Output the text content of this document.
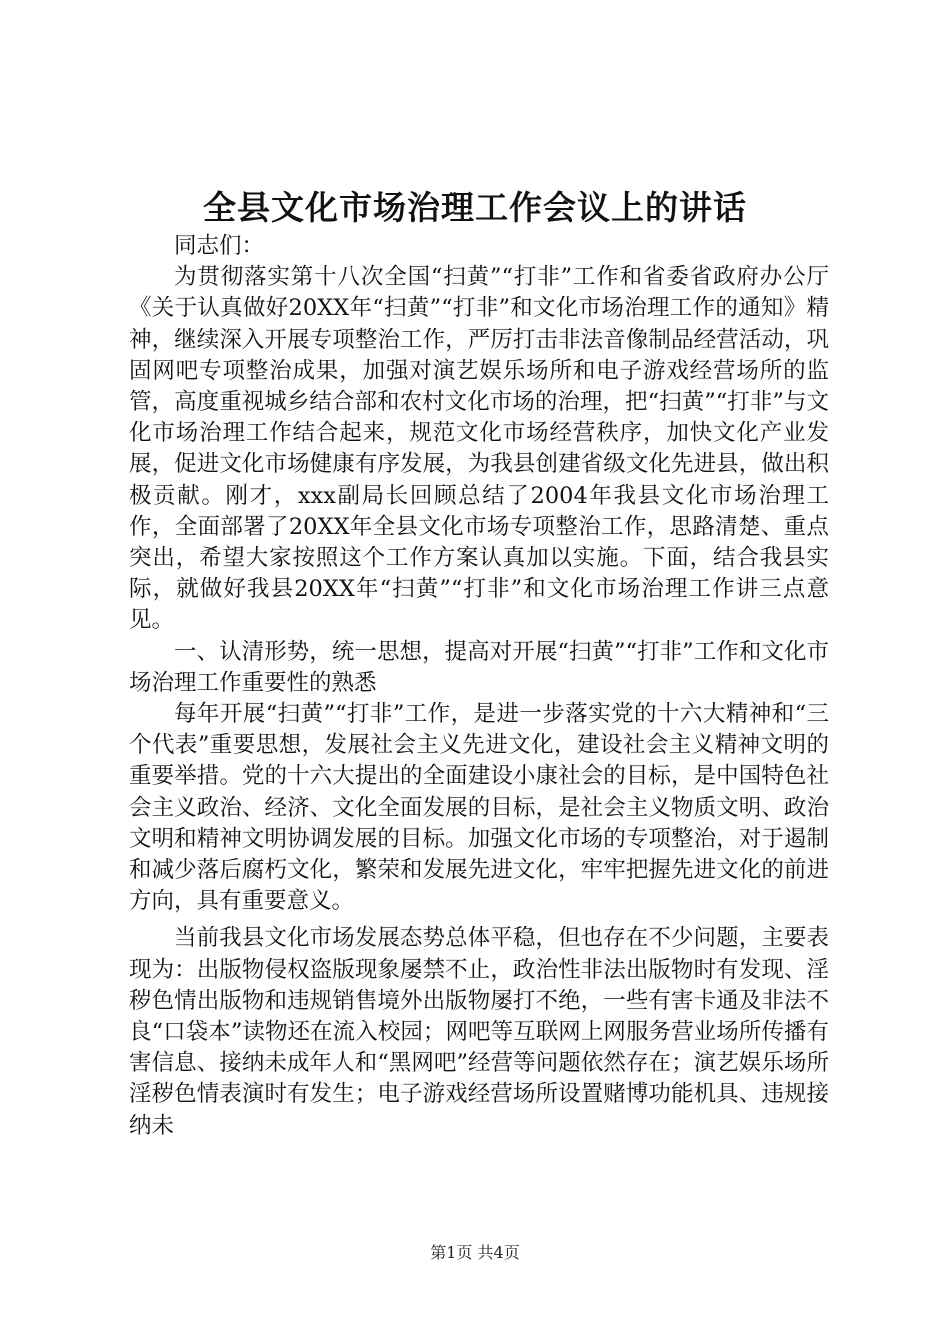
全县文化市场治理工作会议上的讲话

同志们：

为贯彻落实第十八次全国“扫黄”“打非”工作和省委省政府办公厅《关于认真做好20XX年“扫黄”“打非”和文化市场治理工作的通知》精神，继续深入开展专项整治工作，严厉打击非法音像制品经营活动，巩固网吧专项整治成果，加强对演艺娱乐场所和电子游戏经营场所的监管，高度重视城乡结合部和农村文化市场的治理，把“扫黄”“打非”与文化市场治理工作结合起来，规范文化市场经营秩序，加快文化产业发展，促进文化市场健康有序发展，为我县创建省级文化先进县，做出积极贡献。刚才，xxx副局长回顾总结了2004年我县文化市场治理工作，全面部署了20XX年全县文化市场专项整治工作，思路清楚、重点突出，希望大家按照这个工作方案认真加以实施。下面，结合我县实际，就做好我县20XX年“扫黄”“打非”和文化市场治理工作讲三点意见。

一、认清形势，统一思想，提高对开展“扫黄”“打非”工作和文化市场治理工作重要性的熟悉

每年开展“扫黄”“打非”工作，是进一步落实党的十六大精神和“三个代表”重要思想，发展社会主义先进文化，建设社会主义精神文明的重要举措。党的十六大提出的全面建设小康社会的目标，是中国特色社会主义政治、经济、文化全面发展的目标，是社会主义物质文明、政治文明和精神文明协调发展的目标。加强文化市场的专项整治，对于遏制和减少落后腐朽文化，繁荣和发展先进文化，牢牢把握先进文化的前进方向，具有重要意义。

当前我县文化市场发展态势总体平稳，但也存在不少问题，主要表现为：出版物侵权盗版现象屡禁不止，政治性非法出版物时有发现、淫秽色情出版物和违规销售境外出版物屡打不绝，一些有害卡通及非法不良“口袋本”读物还在流入校园；网吧等互联网上网服务营业场所传播有害信息、接纳未成年人和“黑网吧”经营等问题依然存在；演艺娱乐场所淫秽色情表演时有发生；电子游戏经营场所设置赌博功能机具、违规接纳未

第1页 共4页
